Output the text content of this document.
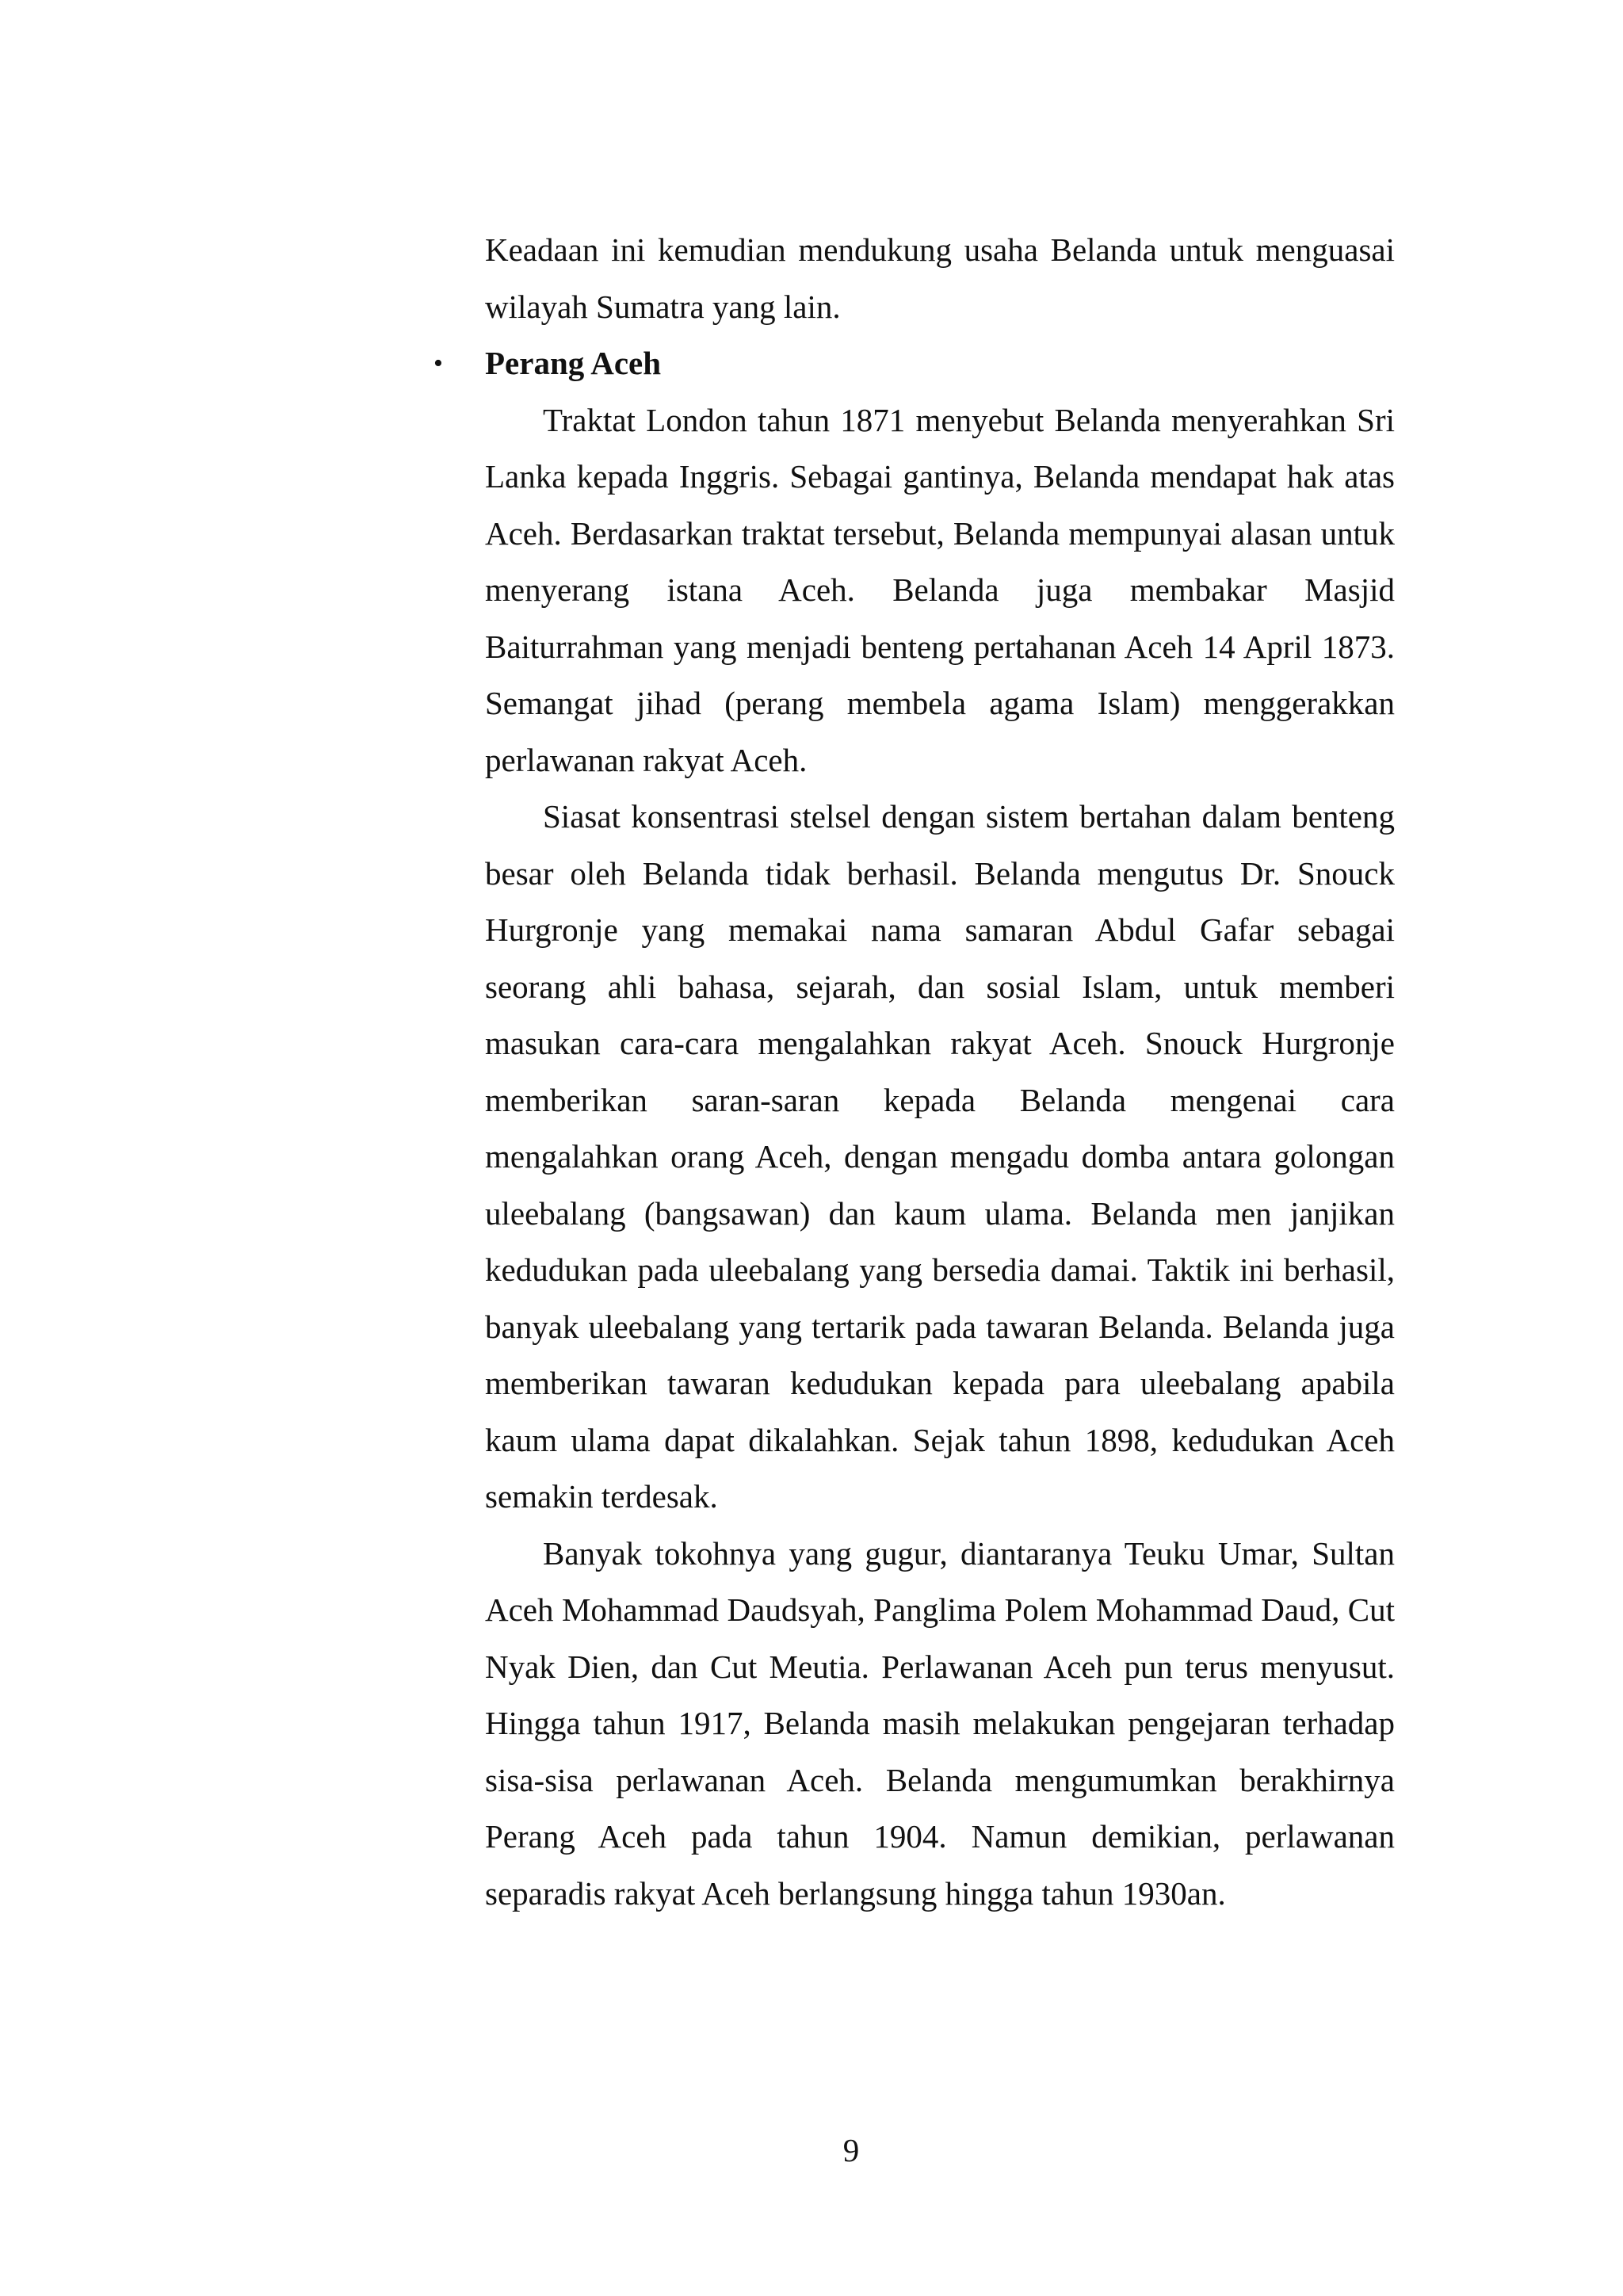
Keadaan ini kemudian mendukung usaha Belanda untuk menguasai wilayah Sumatra yang lain.

• Perang Aceh

Traktat London tahun 1871 menyebut Belanda menyerahkan Sri Lanka kepada Inggris. Sebagai gantinya, Belanda mendapat hak atas Aceh. Berdasarkan traktat tersebut, Belanda mempunyai alasan untuk menyerang istana Aceh. Belanda juga membakar Masjid Baiturrahman yang menjadi benteng pertahanan Aceh 14 April 1873. Semangat jihad (perang membela agama Islam) menggerakkan perlawanan rakyat Aceh.

Siasat konsentrasi stelsel dengan sistem bertahan dalam benteng besar oleh Belanda tidak berhasil. Belanda mengutus Dr. Snouck Hurgronje yang memakai nama samaran Abdul Gafar sebagai seorang ahli bahasa, sejarah, dan sosial Islam, untuk memberi masukan cara-cara mengalahkan rakyat Aceh. Snouck Hurgronje memberikan saran-saran kepada Belanda mengenai cara mengalahkan orang Aceh, dengan mengadu domba antara golongan uleebalang (bangsawan) dan kaum ulama. Belanda men janjikan kedudukan pada uleebalang yang bersedia damai. Taktik ini berhasil, banyak uleebalang yang tertarik pada tawaran Belanda. Belanda juga memberikan tawaran kedudukan kepada para uleebalang apabila kaum ulama dapat dikalahkan. Sejak tahun 1898, kedudukan Aceh semakin terdesak.

Banyak tokohnya yang gugur, diantaranya Teuku Umar, Sultan Aceh Mohammad Daudsyah, Panglima Polem Mohammad Daud, Cut Nyak Dien, dan Cut Meutia. Perlawanan Aceh pun terus menyusut. Hingga tahun 1917, Belanda masih melakukan pengejaran terhadap sisa-sisa perlawanan Aceh. Belanda mengumumkan berakhirnya Perang Aceh pada tahun 1904. Namun demikian, perlawanan separadis rakyat Aceh berlangsung hingga tahun 1930an.

9
